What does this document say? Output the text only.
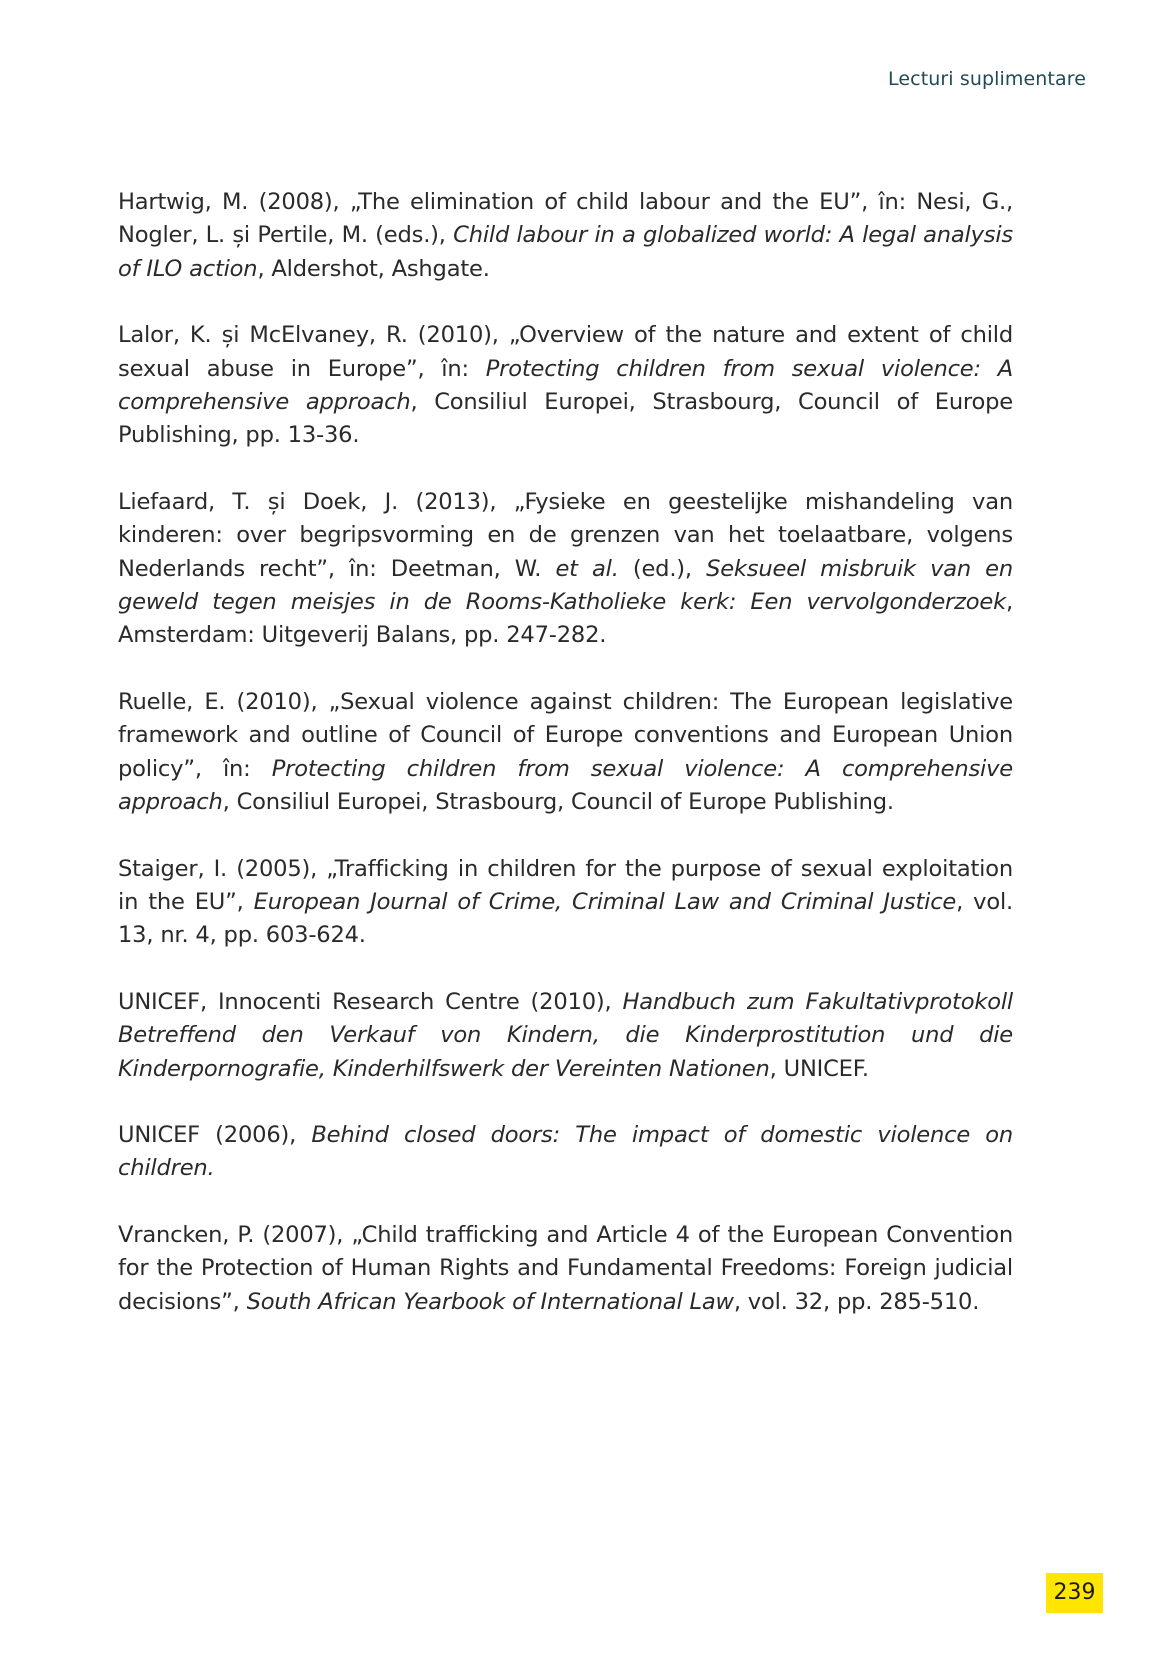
Lecturi suplimentare

Hartwig, M. (2008), „The elimination of child labour and the EU”, în: Nesi, G., Nogler, L. și Pertile, M. (eds.), Child labour in a globalized world: A legal analysis of ILO action, Aldershot, Ashgate.

Lalor, K. și McElvaney, R. (2010), „Overview of the nature and extent of child sexual abuse in Europe”, în: Protecting children from sexual violence: A comprehensive approach, Consiliul Europei, Strasbourg, Council of Europe Publishing, pp. 13-36.

Liefaard, T. și Doek, J. (2013), „Fysieke en geestelijke mishandeling van kinderen: over begripsvorming en de grenzen van het toelaatbare, volgens Nederlands recht”, în: Deetman, W. et al. (ed.), Seksueel misbruik van en geweld tegen meisjes in de Rooms-Katholieke kerk: Een vervolgonderzoek, Amsterdam: Uitgeverij Balans, pp. 247-282.

Ruelle, E. (2010), „Sexual violence against children: The European legislative framework and outline of Council of Europe conventions and European Union policy”, în: Protecting children from sexual violence: A comprehensive approach, Consiliul Europei, Strasbourg, Council of Europe Publishing.

Staiger, I. (2005), „Trafficking in children for the purpose of sexual exploitation in the EU”, European Journal of Crime, Criminal Law and Criminal Justice, vol. 13, nr. 4, pp. 603-624.

UNICEF, Innocenti Research Centre (2010), Handbuch zum Fakultativprotokoll Betreffend den Verkauf von Kindern, die Kinderprostitution und die Kinderpornografie, Kinderhilfswerk der Vereinten Nationen, UNICEF.

UNICEF (2006), Behind closed doors: The impact of domestic violence on children.

Vrancken, P. (2007), „Child trafficking and Article 4 of the European Convention for the Protection of Human Rights and Fundamental Freedoms: Foreign judicial decisions”, South African Yearbook of International Law, vol. 32, pp. 285-510.

239
